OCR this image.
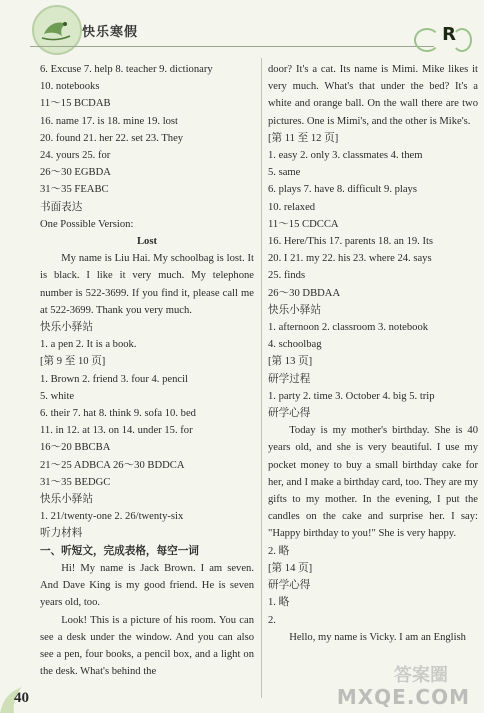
快乐寒假	R
6. Excuse 7. help 8. teacher 9. dictionary
10. notebooks
11～15 BCDAB
16. name 17. is 18. mine 19. lost
20. found 21. her 22. set 23. They
24. yours 25. for
26～30 EGBDA
31～35 FEABC
书面表达
One Possible Version:
Lost
My name is Liu Hai. My schoolbag is lost. It is black. I like it very much. My telephone number is 522-3699. If you find it, please call me at 522-3699. Thank you very much.
快乐小驿站
1. a pen 2. It is a book.
[第 9 至 10 页]
1. Brown 2. friend 3. four 4. pencil
5. white
6. their 7. hat 8. think 9. sofa 10. bed
11. in 12. at 13. on 14. under 15. for
16～20 BBCBA
21～25 ADBCA 26～30 BDDCA
31～35 BEDGC
快乐小驿站
1. 21/twenty-one 2. 26/twenty-six
听力材料
一、听短文，完成表格，每空一词
Hi! My name is Jack Brown. I am seven. And Dave King is my good friend. He is seven years old, too.
Look! This is a picture of his room. You can see a desk under the window. And you can also see a pen, four books, a pencil box, and a light on the desk. What's behind the
door? It's a cat. Its name is Mimi. Mike likes it very much. What's that under the bed? It's a white and orange ball. On the wall there are two pictures. One is Mimi's, and the other is Mike's.
[第 11 至 12 页]
1. easy 2. only 3. classmates 4. them
5. same
6. plays 7. have 8. difficult 9. plays
10. relaxed
11～15 CDCCA
16. Here/This 17. parents 18. an 19. Its
20. I 21. my 22. his 23. where 24. says
25. finds
26～30 DBDAA
快乐小驿站
1. afternoon 2. classroom 3. notebook
4. schoolbag
[第 13 页]
研学过程
1. party 2. time 3. October 4. big 5. trip
研学心得
Today is my mother's birthday. She is 40 years old, and she is very beautiful. I use my pocket money to buy a small birthday cake for her, and I make a birthday card, too. They are my gifts to my mother. In the evening, I put the candles on the cake and surprise her. I say: "Happy birthday to you!" She is very happy.
2. 略
[第 14 页]
研学心得
1. 略
2.
Hello, my name is Vicky. I am an English
40
答案圈
MXQE.COM
